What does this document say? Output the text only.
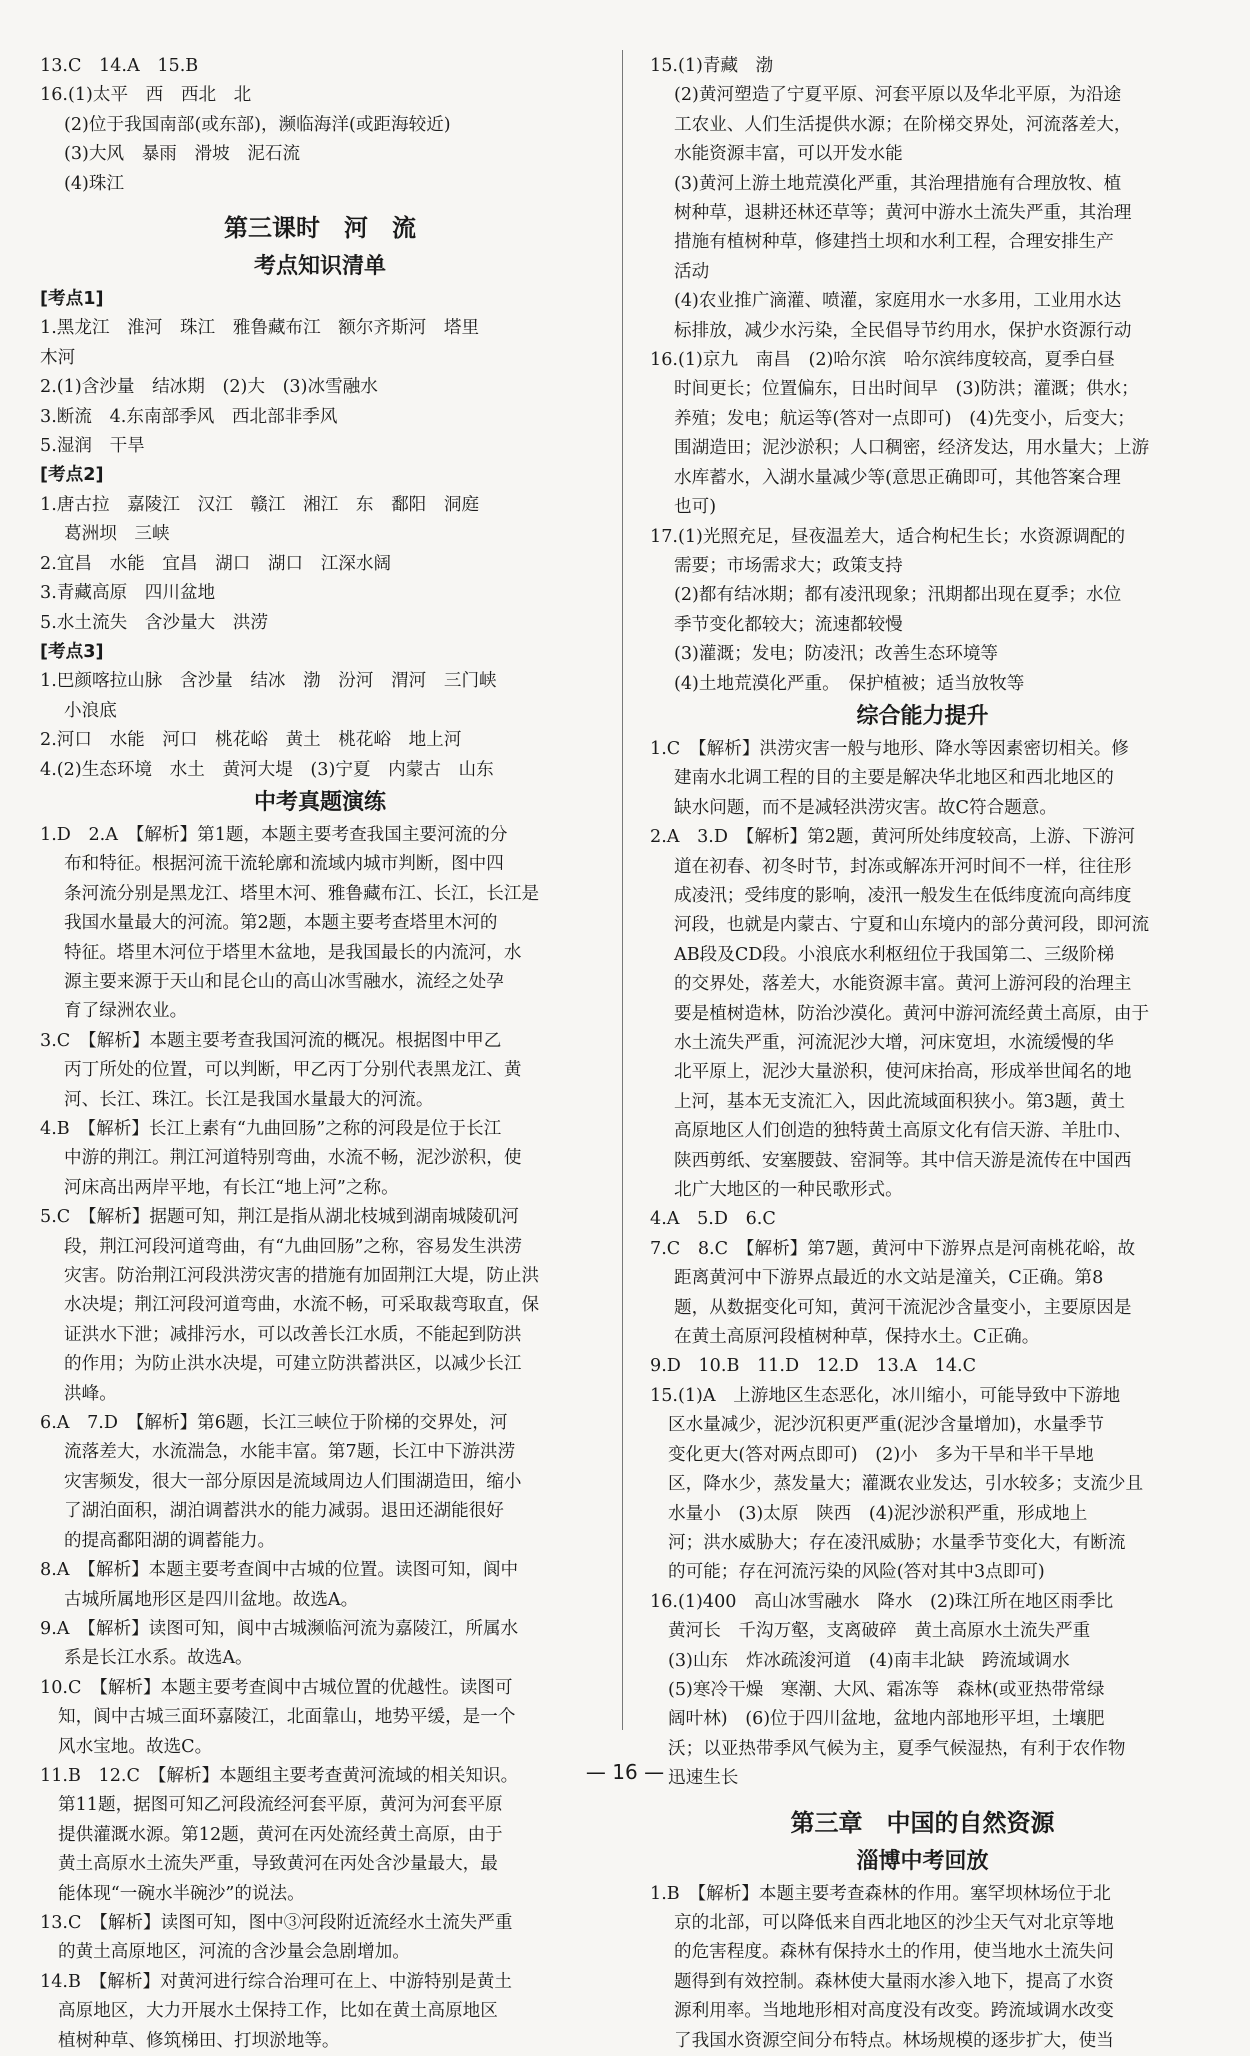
13.C　14.A　15.B
16.(1)太平　西　西北　北
(2)位于我国南部(或东部)，濒临海洋(或距海较近)
(3)大风　暴雨　滑坡　泥石流
(4)珠江
第三课时　河　流
考点知识清单
[考点1]
1.黑龙江　淮河　珠江　雅鲁藏布江　额尔齐斯河　塔里
木河
2.(1)含沙量　结冰期　(2)大　(3)冰雪融水
3.断流　4.东南部季风　西北部非季风
5.湿润　干旱
[考点2]
1.唐古拉　嘉陵江　汉江　赣江　湘江　东　鄱阳　洞庭
葛洲坝　三峡
2.宜昌　水能　宜昌　湖口　湖口　江深水阔
3.青藏高原　四川盆地
5.水土流失　含沙量大　洪涝
[考点3]
1.巴颜喀拉山脉　含沙量　结冰　渤　汾河　渭河　三门峡
小浪底
2.河口　水能　河口　桃花峪　黄土　桃花峪　地上河
4.(2)生态环境　水土　黄河大堤　(3)宁夏　内蒙古　山东
中考真题演练
1.D　2.A　【解析】第1题，本题主要考查我国主要河流的分
布和特征。根据河流干流轮廓和流域内城市判断，图中四
条河流分别是黑龙江、塔里木河、雅鲁藏布江、长江，长江是
我国水量最大的河流。第2题，本题主要考查塔里木河的
特征。塔里木河位于塔里木盆地，是我国最长的内流河，水
源主要来源于天山和昆仑山的高山冰雪融水，流经之处孕
育了绿洲农业。
3.C　【解析】本题主要考查我国河流的概况。根据图中甲乙
丙丁所处的位置，可以判断，甲乙丙丁分别代表黑龙江、黄
河、长江、珠江。长江是我国水量最大的河流。
4.B　【解析】长江上素有“九曲回肠”之称的河段是位于长江
中游的荆江。荆江河道特别弯曲，水流不畅，泥沙淤积，使
河床高出两岸平地，有长江“地上河”之称。
5.C　【解析】据题可知，荆江是指从湖北枝城到湖南城陵矶河
段，荆江河段河道弯曲，有“九曲回肠”之称，容易发生洪涝
灾害。防治荆江河段洪涝灾害的措施有加固荆江大堤，防止洪
水决堤；荆江河段河道弯曲，水流不畅，可采取裁弯取直，保
证洪水下泄；减排污水，可以改善长江水质，不能起到防洪
的作用；为防止洪水决堤，可建立防洪蓄洪区，以减少长江
洪峰。
6.A　7.D　【解析】第6题，长江三峡位于阶梯的交界处，河
流落差大，水流湍急，水能丰富。第7题，长江中下游洪涝
灾害频发，很大一部分原因是流域周边人们围湖造田，缩小
了湖泊面积，湖泊调蓄洪水的能力减弱。退田还湖能很好
的提高鄱阳湖的调蓄能力。
8.A　【解析】本题主要考查阆中古城的位置。读图可知，阆中
古城所属地形区是四川盆地。故选A。
9.A　【解析】读图可知，阆中古城濒临河流为嘉陵江，所属水
系是长江水系。故选A。
10.C　【解析】本题主要考查阆中古城位置的优越性。读图可
知，阆中古城三面环嘉陵江，北面靠山，地势平缓，是一个
风水宝地。故选C。
11.B　12.C　【解析】本题组主要考查黄河流域的相关知识。
第11题，据图可知乙河段流经河套平原，黄河为河套平原
提供灌溉水源。第12题，黄河在丙处流经黄土高原，由于
黄土高原水土流失严重，导致黄河在丙处含沙量最大，最
能体现“一碗水半碗沙”的说法。
13.C　【解析】读图可知，图中③河段附近流经水土流失严重
的黄土高原地区，河流的含沙量会急剧增加。
14.B　【解析】对黄河进行综合治理可在上、中游特别是黄土
高原地区，大力开展水土保持工作，比如在黄土高原地区
植树种草、修筑梯田、打坝淤地等。
15.(1)青藏　渤
(2)黄河塑造了宁夏平原、河套平原以及华北平原，为沿途
工农业、人们生活提供水源；在阶梯交界处，河流落差大，
水能资源丰富，可以开发水能
(3)黄河上游土地荒漠化严重，其治理措施有合理放牧、植
树种草，退耕还林还草等；黄河中游水土流失严重，其治理
措施有植树种草，修建挡土坝和水利工程，合理安排生产
活动
(4)农业推广滴灌、喷灌，家庭用水一水多用，工业用水达
标排放，减少水污染，全民倡导节约用水，保护水资源行动
16.(1)京九　南昌　(2)哈尔滨　哈尔滨纬度较高，夏季白昼
时间更长；位置偏东，日出时间早　(3)防洪；灌溉；供水；
养殖；发电；航运等(答对一点即可)　(4)先变小，后变大；
围湖造田；泥沙淤积；人口稠密，经济发达，用水量大；上游
水库蓄水，入湖水量减少等(意思正确即可，其他答案合理
也可)
17.(1)光照充足，昼夜温差大，适合枸杞生长；水资源调配的
需要；市场需求大；政策支持
(2)都有结冰期；都有凌汛现象；汛期都出现在夏季；水位
季节变化都较大；流速都较慢
(3)灌溉；发电；防凌汛；改善生态环境等
(4)土地荒漠化严重。　保护植被；适当放牧等
综合能力提升
1.C　【解析】洪涝灾害一般与地形、降水等因素密切相关。修
建南水北调工程的目的主要是解决华北地区和西北地区的
缺水问题，而不是减轻洪涝灾害。故C符合题意。
2.A　3.D　【解析】第2题，黄河所处纬度较高，上游、下游河
道在初春、初冬时节，封冻或解冻开河时间不一样，往往形
成凌汛；受纬度的影响，凌汛一般发生在低纬度流向高纬度
河段，也就是内蒙古、宁夏和山东境内的部分黄河段，即河流
AB段及CD段。小浪底水利枢纽位于我国第二、三级阶梯
的交界处，落差大，水能资源丰富。黄河上游河段的治理主
要是植树造林，防治沙漠化。黄河中游河流经黄土高原，由于
水土流失严重，河流泥沙大增，河床宽坦，水流缓慢的华
北平原上，泥沙大量淤积，使河床抬高，形成举世闻名的地
上河，基本无支流汇入，因此流域面积狭小。第3题，黄土
高原地区人们创造的独特黄土高原文化有信天游、羊肚巾、
陕西剪纸、安塞腰鼓、窑洞等。其中信天游是流传在中国西
北广大地区的一种民歌形式。
4.A　5.D　6.C
7.C　8.C　【解析】第7题，黄河中下游界点是河南桃花峪，故
距离黄河中下游界点最近的水文站是潼关，C正确。第8
题，从数据变化可知，黄河干流泥沙含量变小，主要原因是
在黄土高原河段植树种草，保持水土。C正确。
9.D　10.B　11.D　12.D　13.A　14.C
15.(1)A　上游地区生态恶化，冰川缩小，可能导致中下游地
区水量减少，泥沙沉积更严重(泥沙含量增加)，水量季节
变化更大(答对两点即可)　(2)小　多为干旱和半干旱地
区，降水少，蒸发量大；灌溉农业发达，引水较多；支流少且
水量小　(3)太原　陕西　(4)泥沙淤积严重，形成地上
河；洪水威胁大；存在凌汛威胁；水量季节变化大，有断流
的可能；存在河流污染的风险(答对其中3点即可)
16.(1)400　高山冰雪融水　降水　(2)珠江所在地区雨季比
黄河长　千沟万壑，支离破碎　黄土高原水土流失严重
(3)山东　炸冰疏浚河道　(4)南丰北缺　跨流域调水
(5)寒冷干燥　寒潮、大风、霜冻等　森林(或亚热带常绿
阔叶林)　(6)位于四川盆地，盆地内部地形平坦，土壤肥
沃；以亚热带季风气候为主，夏季气候湿热，有利于农作物
迅速生长
第三章　中国的自然资源
淄博中考回放
1.B　【解析】本题主要考查森林的作用。塞罕坝林场位于北
京的北部，可以降低来自西北地区的沙尘天气对北京等地
的危害程度。森林有保持水土的作用，使当地水土流失问
题得到有效控制。森林使大量雨水渗入地下，提高了水资
源利用率。当地地形相对高度没有改变。跨流域调水改变
了我国水资源空间分布特点。林场规模的逐步扩大，使当
— 16 —
